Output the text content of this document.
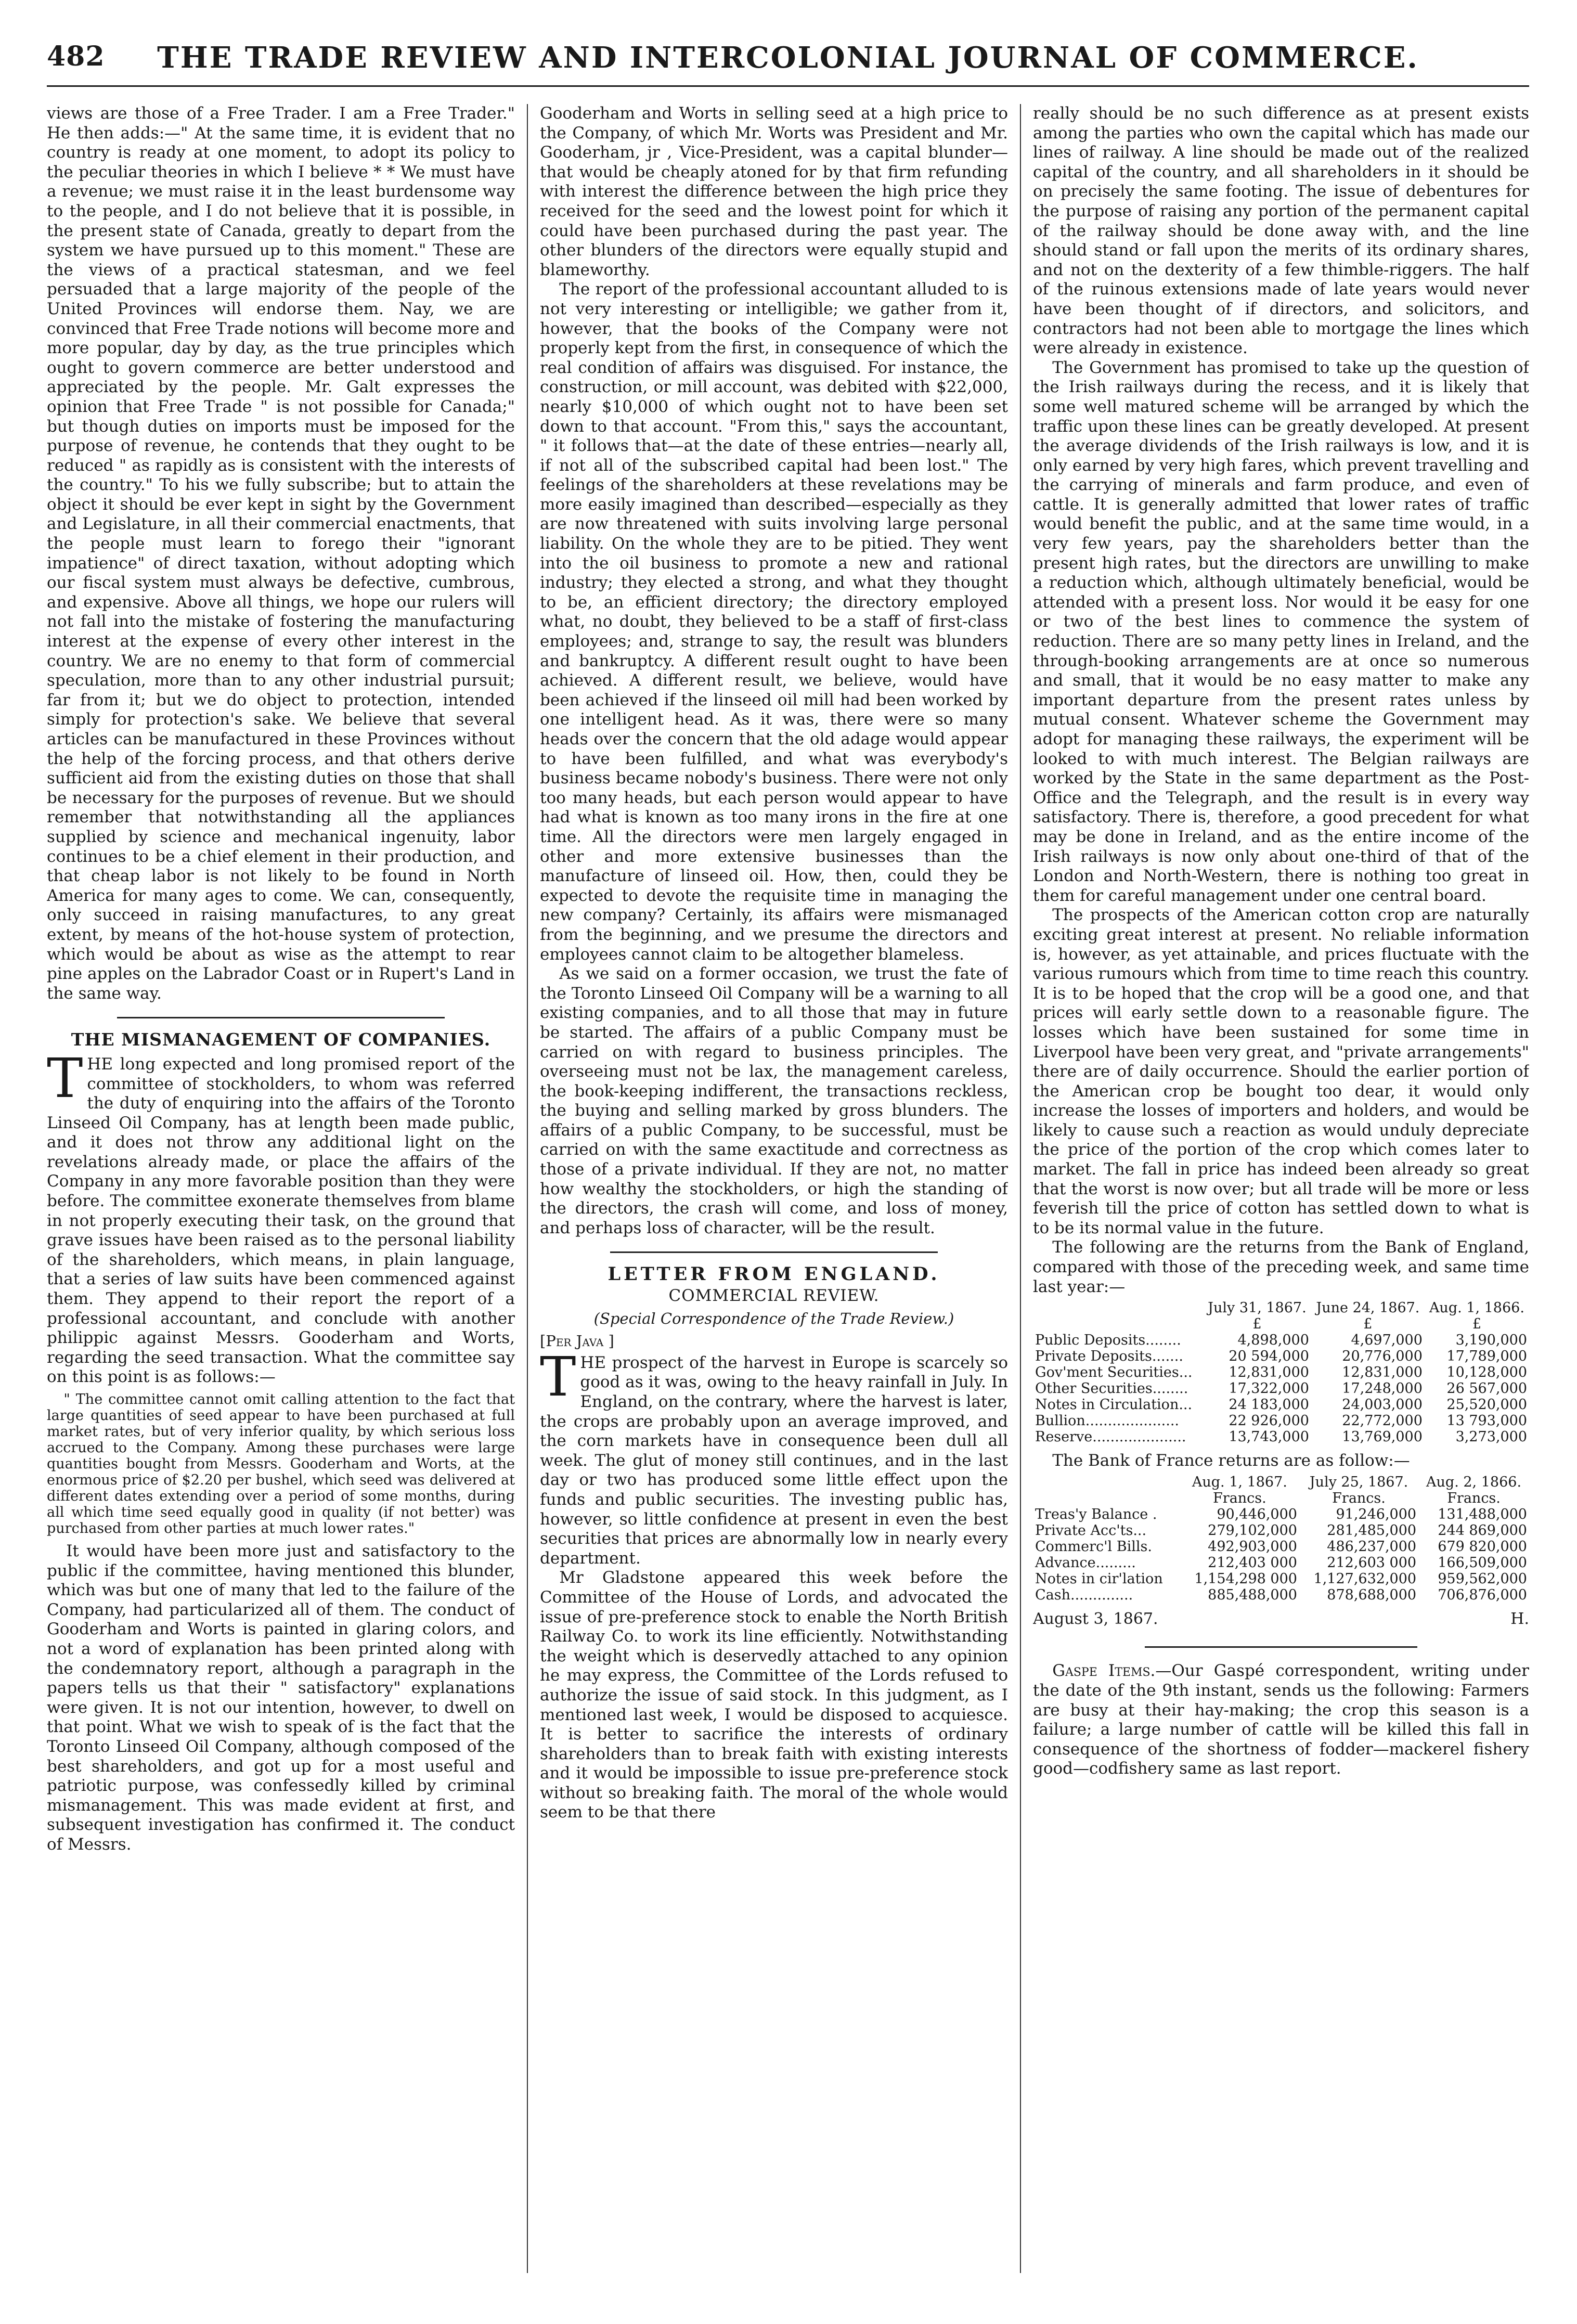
482	THE TRADE REVIEW AND INTERCOLONIAL JOURNAL OF COMMERCE.

views are those of a Free Trader. I am a Free Trader." He then adds:—" At the same time, it is evident that no country is ready at one moment, to adopt its policy to the peculiar theories in which I believe * * We must have a revenue; we must raise it in the least burdensome way to the people, and I do not believe that it is possible, in the present state of Canada, greatly to depart from the system we have pursued up to this moment." These are the views of a practical statesman, and we feel persuaded that a large majority of the people of the United Provinces will endorse them. Nay, we are convinced that Free Trade notions will become more and more popular, day by day, as the true principles which ought to govern commerce are better understood and appreciated by the people. Mr. Galt expresses the opinion that Free Trade " is not possible for Canada;" but though duties on imports must be imposed for the purpose of revenue, he contends that they ought to be reduced " as rapidly as is consistent with the interests of the country." To his we fully subscribe; but to attain the object it should be ever kept in sight by the Government and Legislature, in all their commercial enactments, that the people must learn to forego their "ignorant impatience" of direct taxation, without adopting which our fiscal system must always be defective, cumbrous, and expensive. Above all things, we hope our rulers will not fall into the mistake of fostering the manufacturing interest at the expense of every other interest in the country. We are no enemy to that form of commercial speculation, more than to any other industrial pursuit; far from it; but we do object to protection, intended simply for protection's sake. We believe that several articles can be manufactured in these Provinces without the help of the forcing process, and that others derive sufficient aid from the existing duties on those that shall be necessary for the purposes of revenue. But we should remember that notwithstanding all the appliances supplied by science and mechanical ingenuity, labor continues to be a chief element in their production, and that cheap labor is not likely to be found in North America for many ages to come. We can, consequently, only succeed in raising manufactures, to any great extent, by means of the hot-house system of protection, which would be about as wise as the attempt to rear pine apples on the Labrador Coast or in Rupert's Land in the same way.

THE MISMANAGEMENT OF COMPANIES.

THE long expected and long promised report of the committee of stockholders, to whom was referred the duty of enquiring into the affairs of the Toronto Linseed Oil Company, has at length been made public, and it does not throw any additional light on the revelations already made, or place the affairs of the Company in any more favorable position than they were before. The committee exonerate themselves from blame in not properly executing their task, on the ground that grave issues have been raised as to the personal liability of the shareholders, which means, in plain language, that a series of law suits have been commenced against them. They append to their report the report of a professional accountant, and conclude with another philippic against Messrs. Gooderham and Worts, regarding the seed transaction. What the committee say on this point is as follows:—

" The committee cannot omit calling attention to the fact that large quantities of seed appear to have been purchased at full market rates, but of very inferior quality, by which serious loss accrued to the Company. Among these purchases were large quantities bought from Messrs. Gooderham and Worts, at the enormous price of $2.20 per bushel, which seed was delivered at different dates extending over a period of some months, during all which time seed equally good in quality (if not better) was purchased from other parties at much lower rates."

It would have been more just and satisfactory to the public if the committee, having mentioned this blunder, which was but one of many that led to the failure of the Company, had particularized all of them. The conduct of Gooderham and Worts is painted in glaring colors, and not a word of explanation has been printed along with the condemnatory report, although a paragraph in the papers tells us that their " satisfactory" explanations were given. It is not our intention, however, to dwell on that point. What we wish to speak of is the fact that the Toronto Linseed Oil Company, although composed of the best shareholders, and got up for a most useful and patriotic purpose, was confessedly killed by criminal mismanagement. This was made evident at first, and subsequent investigation has confirmed it. The conduct of Messrs.

Gooderham and Worts in selling seed at a high price to the Company, of which Mr. Worts was President and Mr. Gooderham, jr , Vice-President, was a capital blunder—that would be cheaply atoned for by that firm refunding with interest the difference between the high price they received for the seed and the lowest point for which it could have been purchased during the past year. The other blunders of the directors were equally stupid and blameworthy.

The report of the professional accountant alluded to is not very interesting or intelligible; we gather from it, however, that the books of the Company were not properly kept from the first, in consequence of which the real condition of affairs was disguised. For instance, the construction, or mill account, was debited with $22,000, nearly $10,000 of which ought not to have been set down to that account. "From this," says the accountant, " it follows that—at the date of these entries—nearly all, if not all of the subscribed capital had been lost." The feelings of the shareholders at these revelations may be more easily imagined than described—especially as they are now threatened with suits involving large personal liability. On the whole they are to be pitied. They went into the oil business to promote a new and rational industry; they elected a strong, and what they thought to be, an efficient directory; the directory employed what, no doubt, they believed to be a staff of first-class employees; and, strange to say, the result was blunders and bankruptcy. A different result ought to have been achieved. A different result, we believe, would have been achieved if the linseed oil mill had been worked by one intelligent head. As it was, there were so many heads over the concern that the old adage would appear to have been fulfilled, and what was everybody's business became nobody's business. There were not only too many heads, but each person would appear to have had what is known as too many irons in the fire at one time. All the directors were men largely engaged in other and more extensive businesses than the manufacture of linseed oil. How, then, could they be expected to devote the requisite time in managing the new company? Certainly, its affairs were mismanaged from the beginning, and we presume the directors and employees cannot claim to be altogether blameless.

As we said on a former occasion, we trust the fate of the Toronto Linseed Oil Company will be a warning to all existing companies, and to all those that may in future be started. The affairs of a public Company must be carried on with regard to business principles. The overseeing must not be lax, the management careless, the book-keeping indifferent, the transactions reckless, the buying and selling marked by gross blunders. The affairs of a public Company, to be successful, must be carried on with the same exactitude and correctness as those of a private individual. If they are not, no matter how wealthy the stockholders, or high the standing of the directors, the crash will come, and loss of money, and perhaps loss of character, will be the result.

LETTER FROM ENGLAND.
COMMERCIAL REVIEW.
(Special Correspondence of the Trade Review.)
[Per Java ]

THE prospect of the harvest in Europe is scarcely so good as it was, owing to the heavy rainfall in July. In England, on the contrary, where the harvest is later, the crops are probably upon an average improved, and the corn markets have in consequence been dull all week. The glut of money still continues, and in the last day or two has produced some little effect upon the funds and public securities. The investing public has, however, so little confidence at present in even the best securities that prices are abnormally low in nearly every department.

Mr Gladstone appeared this week before the Committee of the House of Lords, and advocated the issue of pre-preference stock to enable the North British Railway Co. to work its line efficiently. Notwithstanding the weight which is deservedly attached to any opinion he may express, the Committee of the Lords refused to authorize the issue of said stock. In this judgment, as I mentioned last week, I would be disposed to acquiesce. It is better to sacrifice the interests of ordinary shareholders than to break faith with existing interests and it would be impossible to issue pre-preference stock without so breaking faith. The moral of the whole would seem to be that there

really should be no such difference as at present exists among the parties who own the capital which has made our lines of railway. A line should be made out of the realized capital of the country, and all shareholders in it should be on precisely the same footing. The issue of debentures for the purpose of raising any portion of the permanent capital of the railway should be done away with, and the line should stand or fall upon the merits of its ordinary shares, and not on the dexterity of a few thimble-riggers. The half of the ruinous extensions made of late years would never have been thought of if directors, and solicitors, and contractors had not been able to mortgage the lines which were already in existence.

The Government has promised to take up the question of the Irish railways during the recess, and it is likely that some well matured scheme will be arranged by which the traffic upon these lines can be greatly developed. At present the average dividends of the Irish railways is low, and it is only earned by very high fares, which prevent travelling and the carrying of minerals and farm produce, and even of cattle. It is generally admitted that lower rates of traffic would benefit the public, and at the same time would, in a very few years, pay the shareholders better than the present high rates, but the directors are unwilling to make a reduction which, although ultimately beneficial, would be attended with a present loss. Nor would it be easy for one or two of the best lines to commence the system of reduction. There are so many petty lines in Ireland, and the through-booking arrangements are at once so numerous and small, that it would be no easy matter to make any important departure from the present rates unless by mutual consent. Whatever scheme the Government may adopt for managing these railways, the experiment will be looked to with much interest. The Belgian railways are worked by the State in the same department as the Post-Office and the Telegraph, and the result is in every way satisfactory. There is, therefore, a good precedent for what may be done in Ireland, and as the entire income of the Irish railways is now only about one-third of that of the London and North-Western, there is nothing too great in them for careful management under one central board.

The prospects of the American cotton crop are naturally exciting great interest at present. No reliable information is, however, as yet attainable, and prices fluctuate with the various rumours which from time to time reach this country. It is to be hoped that the crop will be a good one, and that prices will early settle down to a reasonable figure. The losses which have been sustained for some time in Liverpool have been very great, and "private arrangements" there are of daily occurrence. Should the earlier portion of the American crop be bought too dear, it would only increase the losses of importers and holders, and would be likely to cause such a reaction as would unduly depreciate the price of the portion of the crop which comes later to market. The fall in price has indeed been already so great that the worst is now over; but all trade will be more or less feverish till the price of cotton has settled down to what is to be its normal value in the future.

The following are the returns from the Bank of England, compared with those of the preceding week, and same time last year:—

	July 31, 1867.	June 24, 1867.	Aug. 1, 1866.
	£	£	£
Public Deposits........	4,898,000	4,697,000	3,190,000
Private Deposits.......	20 594,000	20,776,000	17,789,000
Gov'ment Securities...	12,831,000	12,831,000	10,128,000
Other Securities........	17,322,000	17,248,000	26 567,000
Notes in Circulation...	24 183,000	24,003,000	25,520,000
Bullion.....................	22 926,000	22,772,000	13 793,000
Reserve.....................	13,743,000	13,769,000	3,273,000

The Bank of France returns are as follow:—

	Aug. 1, 1867.	July 25, 1867.	Aug. 2, 1866.
	Francs.	Francs.	Francs.
Treas'y Balance .	90,446,000	91,246,000	131,488,000
Private Acc'ts...	279,102,000	281,485,000	244 869,000
Commerc'l Bills.	492,903,000	486,237,000	679 820,000
Advance.........	212,403 000	212,603 000	166,509,000
Notes in cir'lation	1,154,298 000	1,127,632,000	959,562,000
Cash..............	885,488,000	878,688,000	706,876,000
August 3, 1867.	H.

Gaspe Items.—Our Gaspé correspondent, writing under the date of the 9th instant, sends us the following: Farmers are busy at their hay-making; the crop this season is a failure; a large number of cattle will be killed this fall in consequence of the shortness of fodder—mackerel fishery good—codfishery same as last report.
